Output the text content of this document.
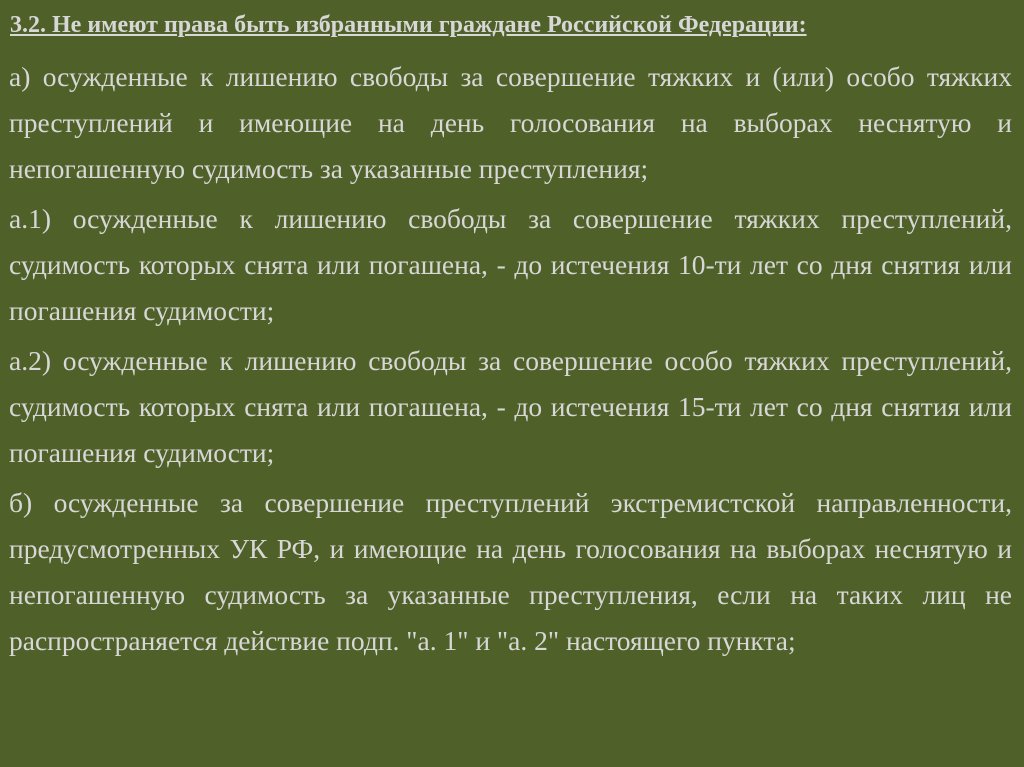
3.2. Не имеют права быть избранными граждане Российской Федерации:
а) осужденные к лишению свободы за совершение тяжких и (или) особо тяжких преступлений и имеющие на день голосования на выборах неснятую и непогашенную судимость за указанные преступления;
а.1) осужденные к лишению свободы за совершение тяжких преступлений, судимость которых снята или погашена, - до истечения 10-ти лет со дня снятия или погашения судимости;
а.2) осужденные к лишению свободы за совершение особо тяжких преступлений, судимость которых снята или погашена, - до истечения 15-ти лет со дня снятия или погашения судимости;
б) осужденные за совершение преступлений экстремистской направленности, предусмотренных УК РФ, и имеющие на день голосования на выборах неснятую и непогашенную судимость за указанные преступления, если на таких лиц не распространяется действие подп. "а. 1" и "а. 2" настоящего пункта;
